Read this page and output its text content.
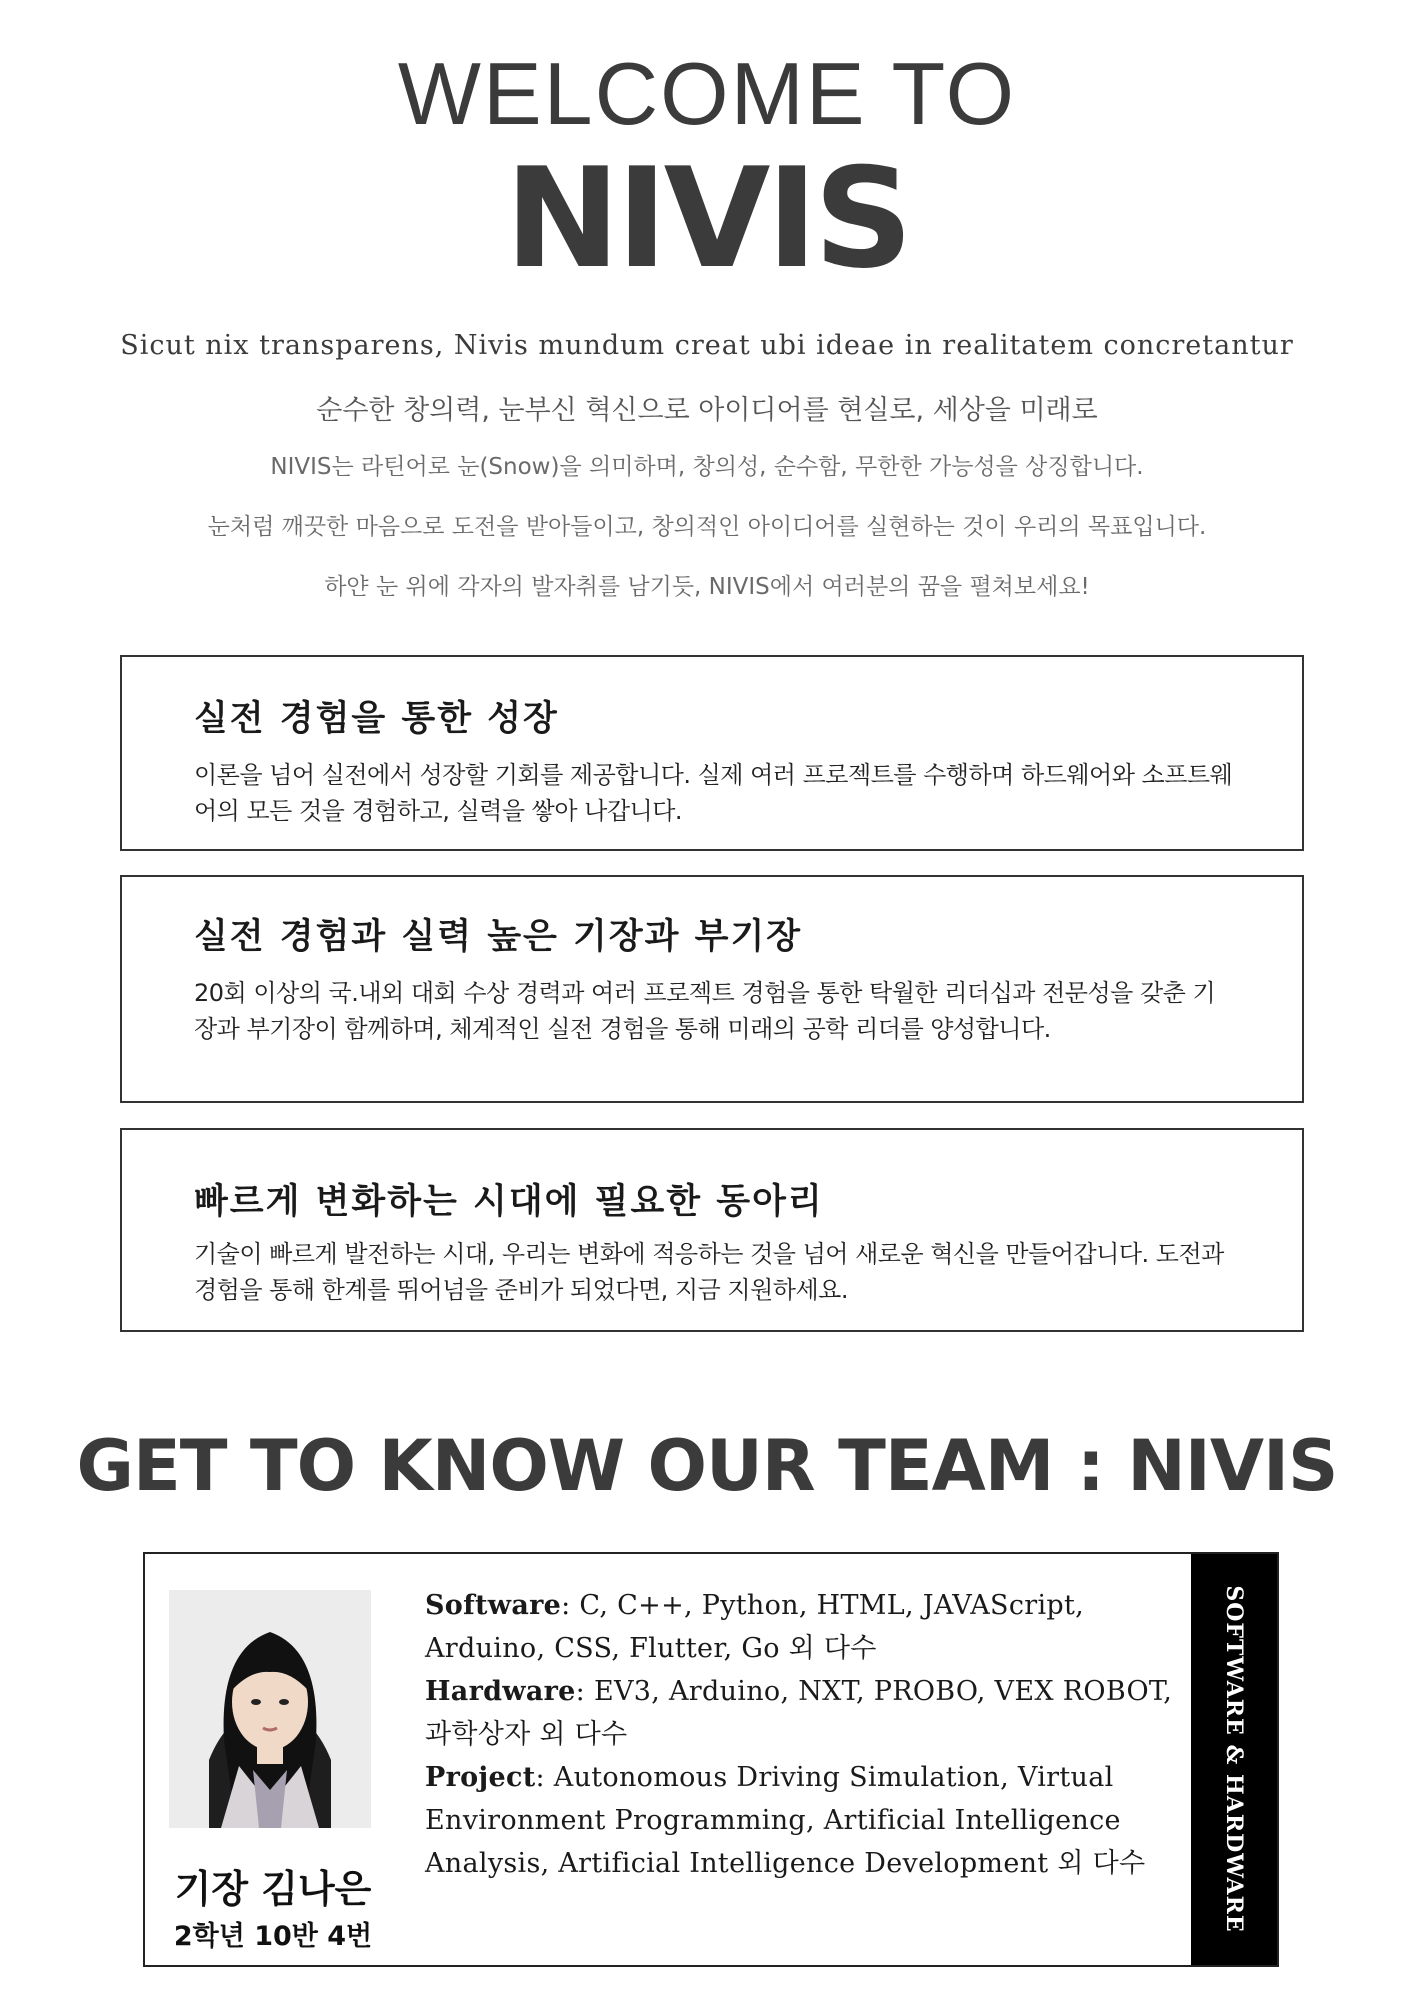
WELCOME TO
NIVIS
Sicut nix transparens, Nivis mundum creat ubi ideae in realitatem concretantur
순수한 창의력, 눈부신 혁신으로 아이디어를 현실로, 세상을 미래로
NIVIS는 라틴어로 눈(Snow)을 의미하며, 창의성, 순수함, 무한한 가능성을 상징합니다.
눈처럼 깨끗한 마음으로 도전을 받아들이고, 창의적인 아이디어를 실현하는 것이 우리의 목표입니다.
하얀 눈 위에 각자의 발자취를 남기듯, NIVIS에서 여러분의 꿈을 펼쳐보세요!
실전 경험을 통한 성장

이론을 넘어 실전에서 성장할 기회를 제공합니다. 실제 여러 프로젝트를 수행하며 하드웨어와 소프트웨어의 모든 것을 경험하고, 실력을 쌓아 나갑니다.

실전 경험과 실력 높은 기장과 부기장

20회 이상의 국.내외 대회 수상 경력과 여러 프로젝트 경험을 통한 탁월한 리더십과 전문성을 갖춘 기장과 부기장이 함께하며, 체계적인 실전 경험을 통해 미래의 공학 리더를 양성합니다.

빠르게 변화하는 시대에 필요한 동아리

기술이 빠르게 발전하는 시대, 우리는 변화에 적응하는 것을 넘어 새로운 혁신을 만들어갑니다. 도전과 경험을 통해 한계를 뛰어넘을 준비가 되었다면, 지금 지원하세요.

GET TO KNOW OUR TEAM : NIVIS
기장 김나은
2학년 10반 4번
Software: C, C++, Python, HTML, JAVAScript, Arduino, CSS, Flutter, Go 외 다수
Hardware: EV3, Arduino, NXT, PROBO, VEX ROBOT, 과학상자 외 다수
Project: Autonomous Driving Simulation, Virtual Environment Programming, Artificial Intelligence Analysis, Artificial Intelligence Development 외 다수	SOFTWARE & HARDWARE
